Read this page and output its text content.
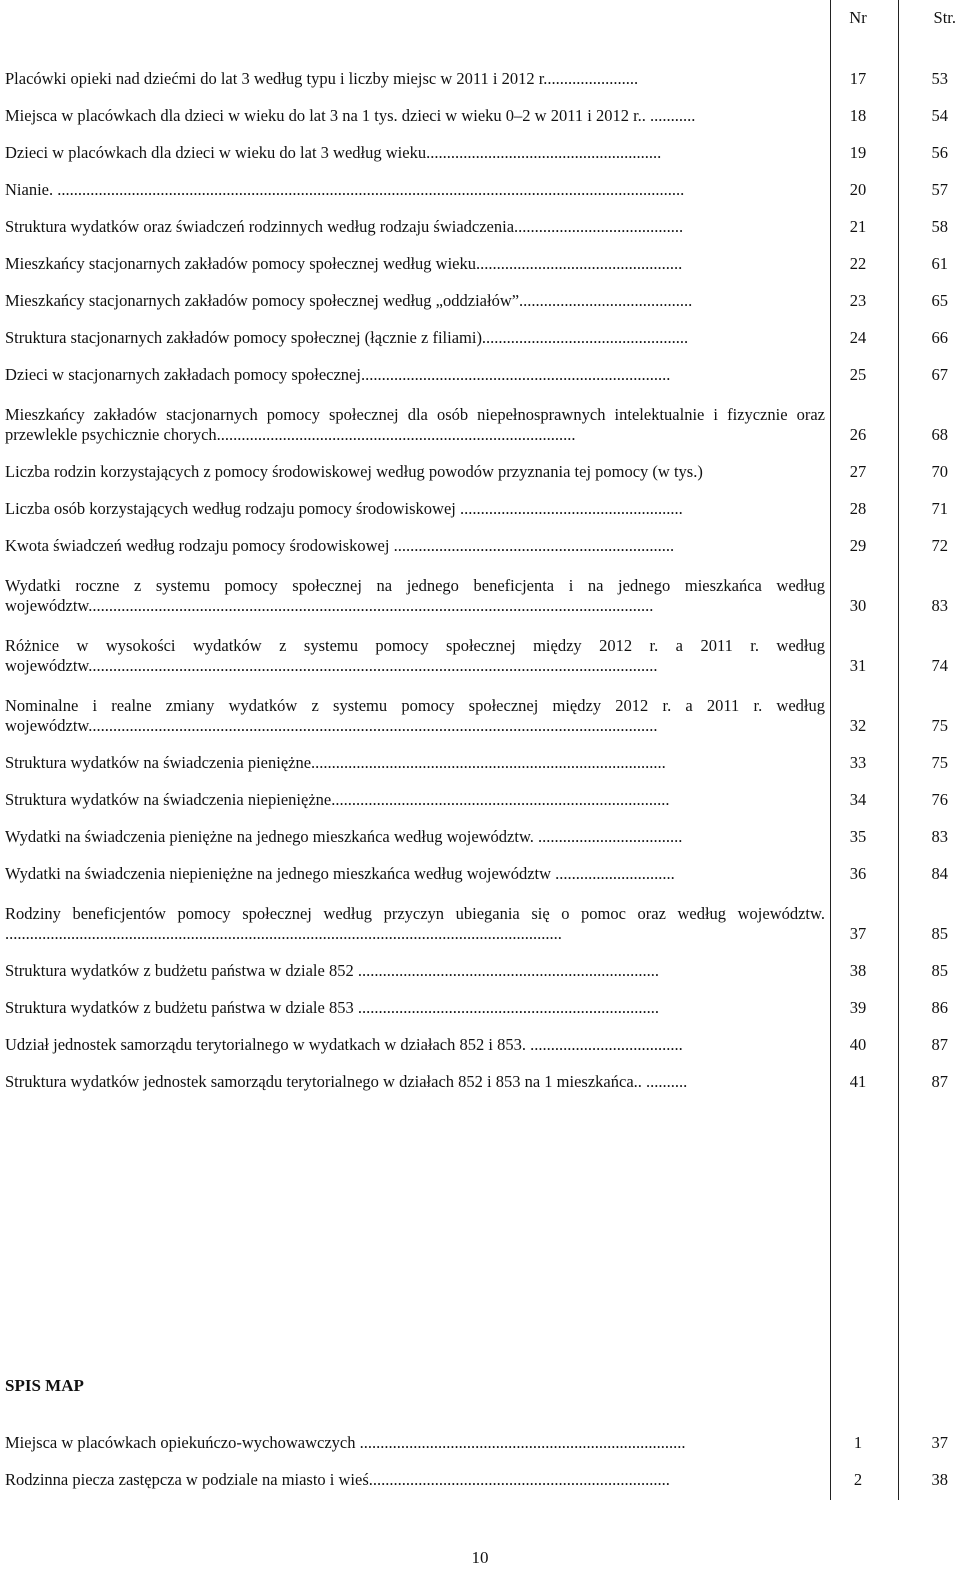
Nr	Str.
Placówki opieki nad dziećmi do lat 3 według typu i liczby miejsc w 2011 i 2012 r.......................	17	53
Miejsca w placówkach dla dzieci w wieku do lat 3 na 1 tys. dzieci w wieku 0–2 w 2011 i 2012 r.. ...........	18	54
Dzieci w placówkach dla dzieci w wieku do lat 3 według wieku.........................................................	19	56
Nianie. ........................................................................................................................................................	20	57
Struktura wydatków oraz świadczeń rodzinnych według rodzaju świadczenia.........................................	21	58
Mieszkańcy stacjonarnych zakładów pomocy społecznej według wieku..................................................	22	61
Mieszkańcy stacjonarnych zakładów pomocy społecznej według „oddziałów”..........................................	23	65
Struktura stacjonarnych zakładów pomocy społecznej (łącznie z filiami)..................................................	24	66
Dzieci w stacjonarnych zakładach pomocy społecznej...........................................................................	25	67
Mieszkańcy zakładów stacjonarnych pomocy społecznej dla osób niepełnosprawnych intelektualnie i fizycznie oraz przewlekle psychicznie chorych.......................................................................................	26	68
Liczba rodzin korzystających z pomocy środowiskowej według powodów przyznania tej pomocy (w tys.)	27	70
Liczba osób korzystających według rodzaju pomocy środowiskowej ......................................................	28	71
Kwota świadczeń według rodzaju pomocy środowiskowej ....................................................................	29	72
Wydatki roczne z systemu pomocy społecznej na jednego beneficjenta i na jednego mieszkańca według województw.........................................................................................................................................	30	83
Różnice w wysokości wydatków z systemu pomocy społecznej między 2012 r. a 2011 r. według województw..........................................................................................................................................	31	74
Nominalne i realne zmiany wydatków z systemu pomocy społecznej między 2012 r. a 2011 r. według województw..........................................................................................................................................	32	75
Struktura wydatków na świadczenia pieniężne......................................................................................	33	75
Struktura wydatków na świadczenia niepieniężne..................................................................................	34	76
Wydatki na świadczenia pieniężne na jednego mieszkańca według województw. ...................................	35	83
Wydatki na świadczenia niepieniężne na jednego mieszkańca według województw .............................	36	84
Rodziny beneficjentów pomocy społecznej według przyczyn ubiegania się o pomoc oraz według województw. .......................................................................................................................................	37	85
Struktura wydatków z budżetu państwa w dziale 852 .........................................................................	38	85
Struktura wydatków z budżetu państwa w dziale 853 .........................................................................	39	86
Udział jednostek samorządu terytorialnego w wydatkach w działach 852 i 853. .....................................	40	87
Struktura wydatków jednostek samorządu terytorialnego w działach 852 i 853 na 1 mieszkańca.. ..........	41	87
SPIS MAP
Miejsca w placówkach opiekuńczo-wychowawczych ...............................................................................	1	37
Rodzinna piecza zastępcza w podziale na miasto i wieś.........................................................................	2	38
10
